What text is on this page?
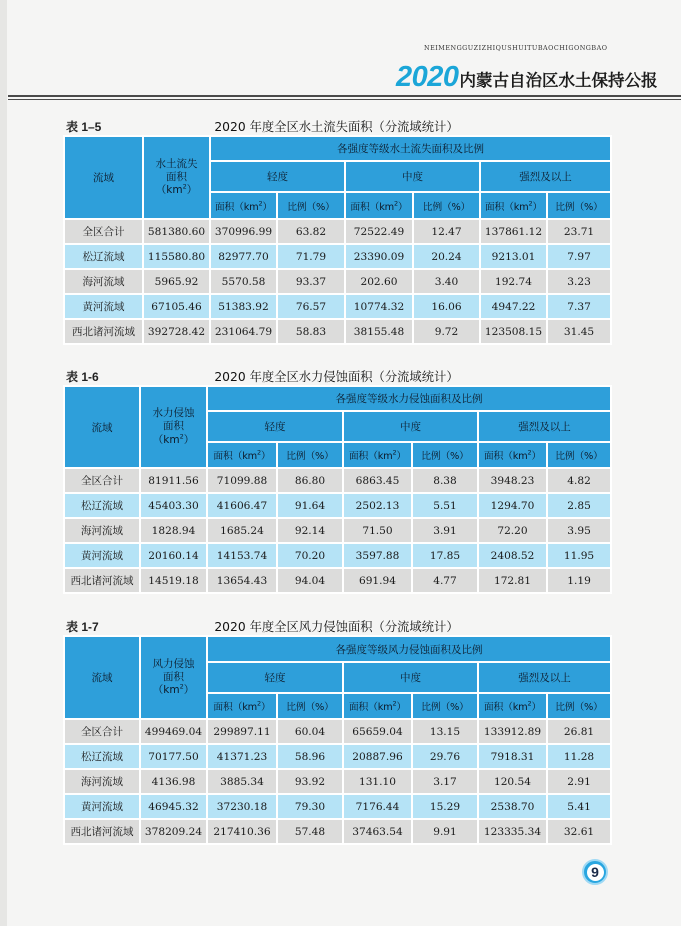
NEIMENGGUZIZHIQUSHUITUBAOCHIGONGBAO
2020 内蒙古自治区水土保持公报
表 1–5	2020 年度全区水土流失面积（分流域统计）
流域	水土流失
面积
$(km^2)$	各强度等级水土流失面积及比例					
		轻度		中度		强烈及以上	
		面积$(km^2)$	比例（%）	面积$(km^2)$	比例（%）	面积$(km^2)$	比例（%）
全区合计	581380.60	370996.99	63.82	72522.49	12.47	137861.12	23.71
松辽流域	115580.80	82977.70	71.79	23390.09	20.24	9213.01	7.97
海河流域	5965.92	5570.58	93.37	202.60	3.40	192.74	3.23
黄河流域	67105.46	51383.92	76.57	10774.32	16.06	4947.22	7.37
西北诸河流域	392728.42	231064.79	58.83	38155.48	9.72	123508.15	31.45
表 1-6	2020 年度全区水力侵蚀面积（分流域统计）
流域	水力侵蚀
面积
$(km^2)$	各强度等级水力侵蚀面积及比例					
		轻度		中度		强烈及以上	
		面积$(km^2)$	比例（%）	面积$(km^2)$	比例（%）	面积$(km^2)$	比例（%）
全区合计	81911.56	71099.88	86.80	6863.45	8.38	3948.23	4.82
松辽流域	45403.30	41606.47	91.64	2502.13	5.51	1294.70	2.85
海河流域	1828.94	1685.24	92.14	71.50	3.91	72.20	3.95
黄河流域	20160.14	14153.74	70.20	3597.88	17.85	2408.52	11.95
西北诸河流域	14519.18	13654.43	94.04	691.94	4.77	172.81	1.19
表 1-7	2020 年度全区风力侵蚀面积（分流域统计）
流域	风力侵蚀
面积
$(km^2)$	各强度等级风力侵蚀面积及比例					
		轻度		中度		强烈及以上	
		面积$(km^2)$	比例（%）	面积$(km^2)$	比例（%）	面积$(km^2)$	比例（%）
全区合计	499469.04	299897.11	60.04	65659.04	13.15	133912.89	26.81
松辽流域	70177.50	41371.23	58.96	20887.96	29.76	7918.31	11.28
海河流域	4136.98	3885.34	93.92	131.10	3.17	120.54	2.91
黄河流域	46945.32	37230.18	79.30	7176.44	15.29	2538.70	5.41
西北诸河流域	378209.24	217410.36	57.48	37463.54	9.91	123335.34	32.61
9
